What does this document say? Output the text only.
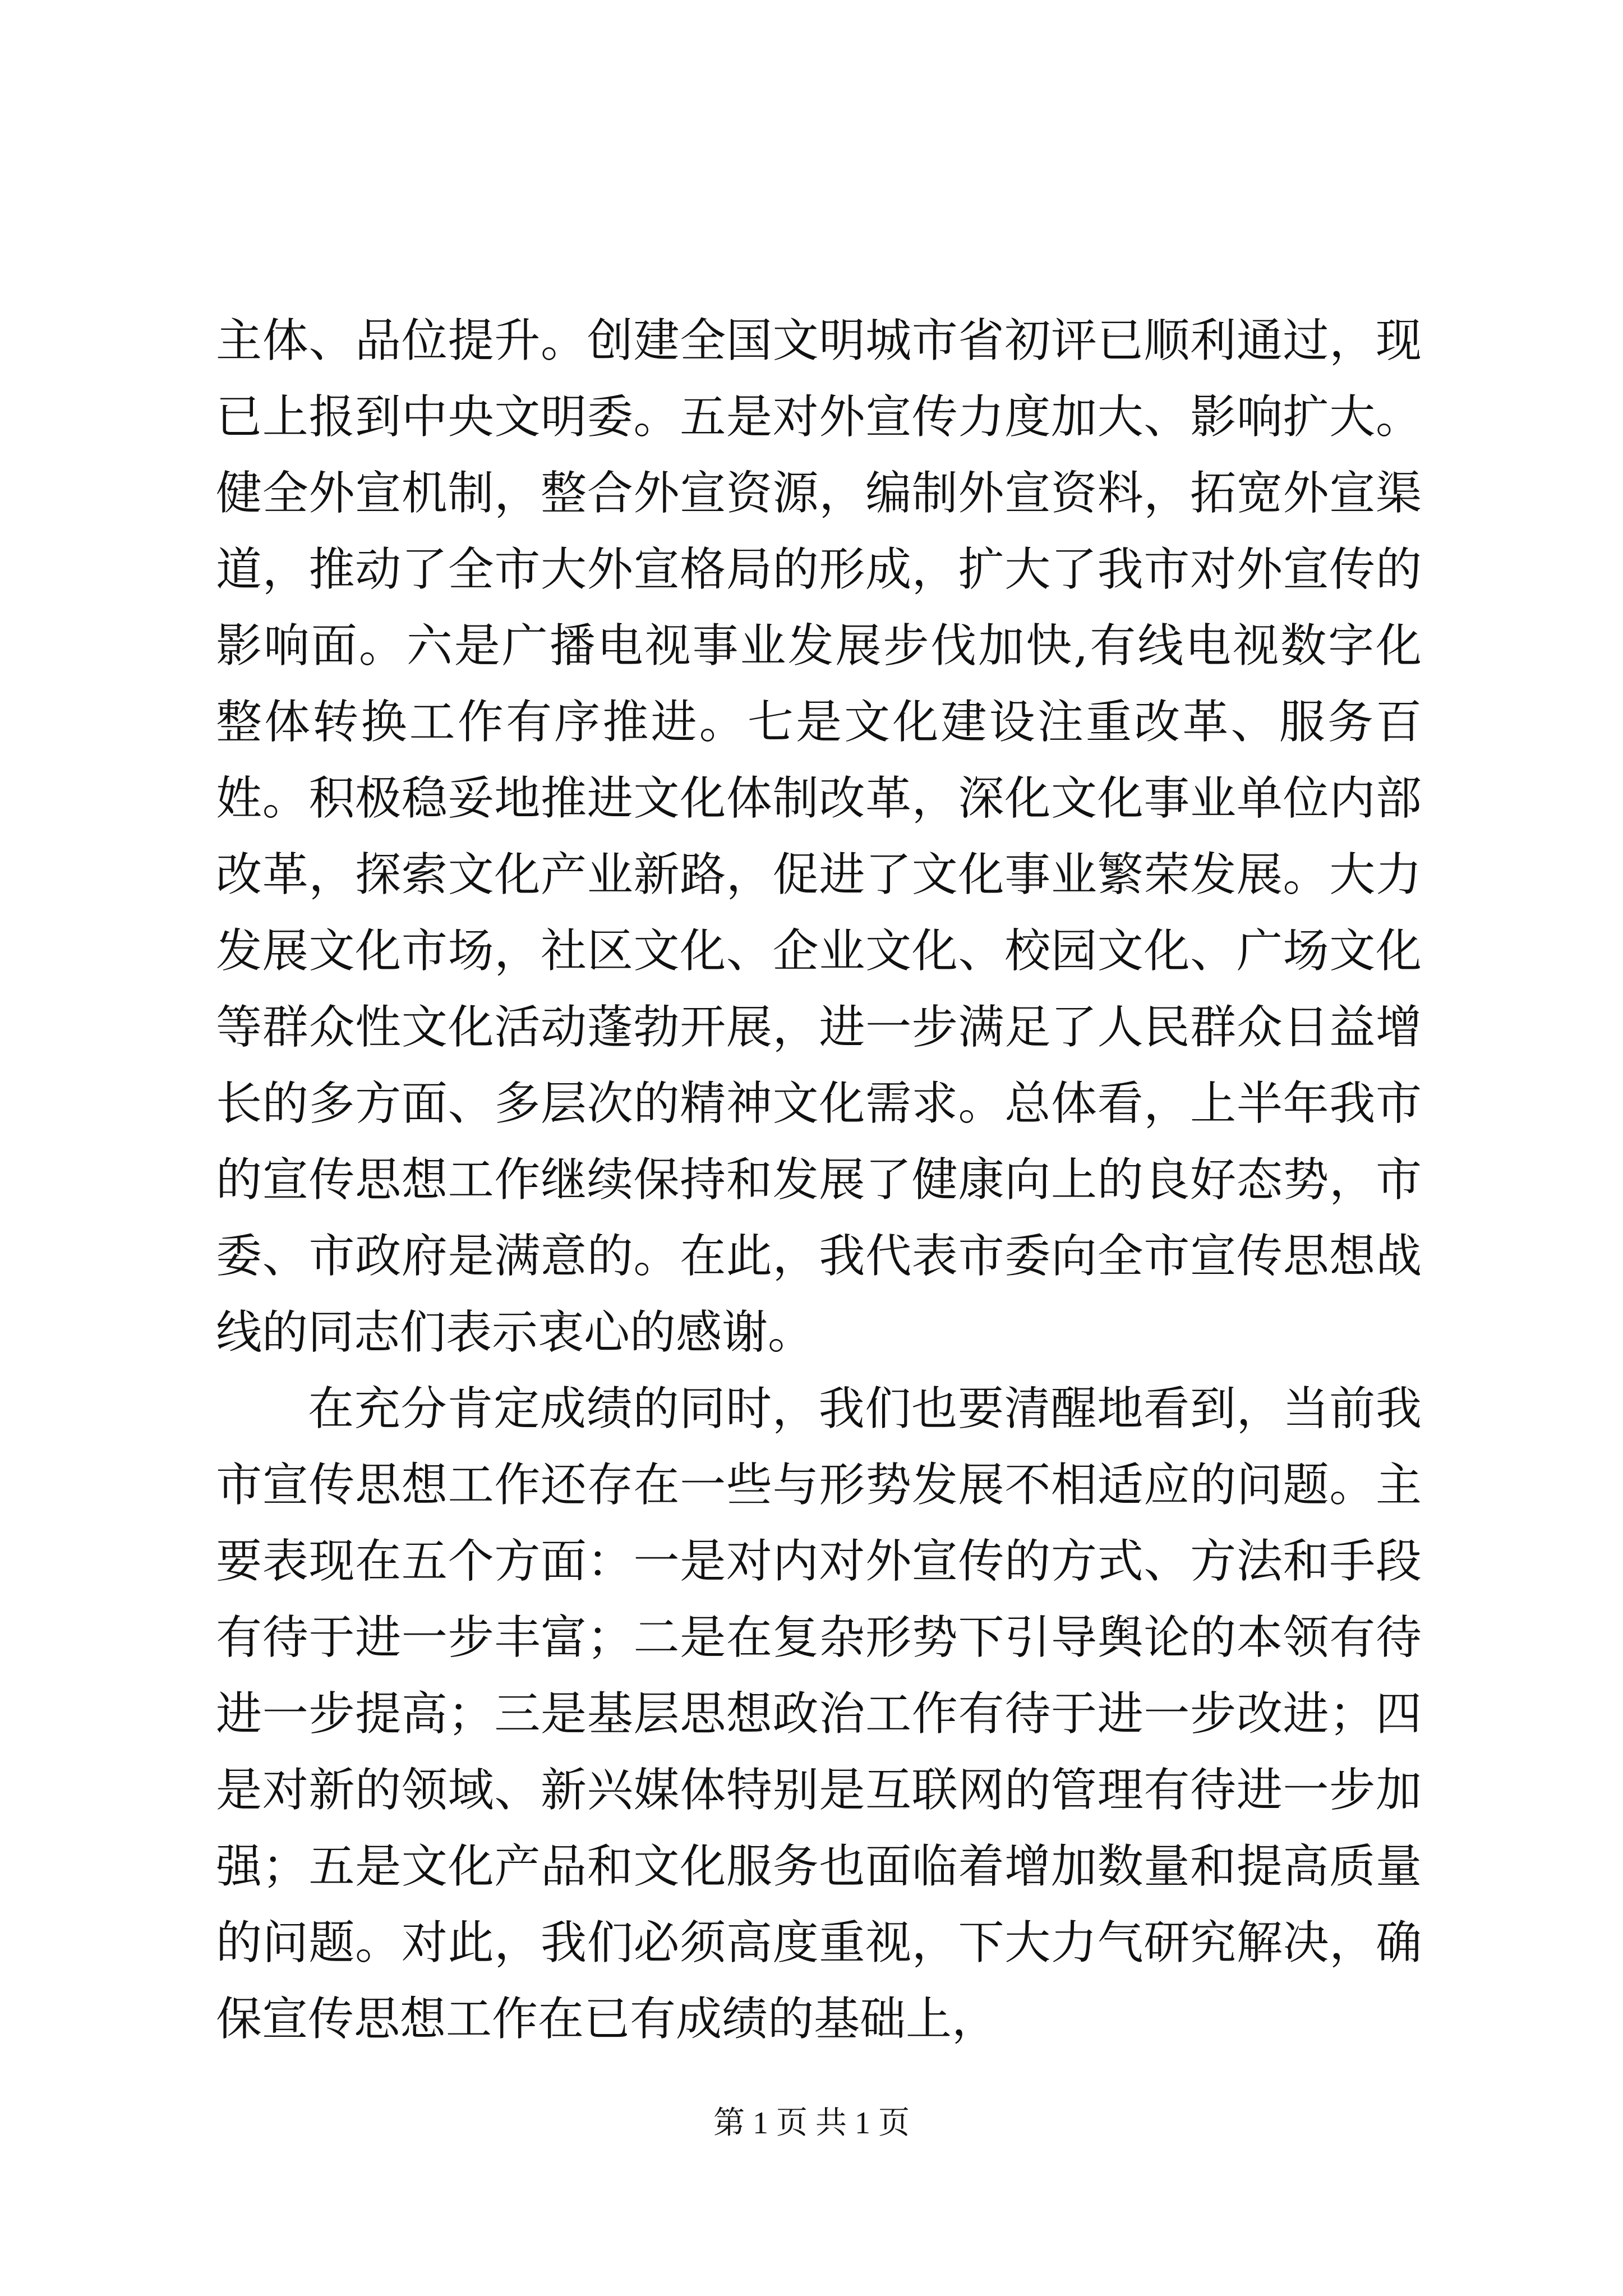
主体、品位提升。创建全国文明城市省初评已顺利通过，现已上报到中央文明委。五是对外宣传力度加大、影响扩大。健全外宣机制，整合外宣资源，编制外宣资料，拓宽外宣渠道，推动了全市大外宣格局的形成，扩大了我市对外宣传的影响面。六是广播电视事业发展步伐加快,有线电视数字化整体转换工作有序推进。七是文化建设注重改革、服务百姓。积极稳妥地推进文化体制改革，深化文化事业单位内部改革，探索文化产业新路，促进了文化事业繁荣发展。大力发展文化市场，社区文化、企业文化、校园文化、广场文化等群众性文化活动蓬勃开展，进一步满足了人民群众日益增长的多方面、多层次的精神文化需求。总体看，上半年我市的宣传思想工作继续保持和发展了健康向上的良好态势，市委、市政府是满意的。在此，我代表市委向全市宣传思想战线的同志们表示衷心的感谢。

在充分肯定成绩的同时，我们也要清醒地看到，当前我市宣传思想工作还存在一些与形势发展不相适应的问题。主要表现在五个方面：一是对内对外宣传的方式、方法和手段有待于进一步丰富；二是在复杂形势下引导舆论的本领有待进一步提高；三是基层思想政治工作有待于进一步改进；四是对新的领域、新兴媒体特别是互联网的管理有待进一步加强；五是文化产品和文化服务也面临着增加数量和提高质量的问题。对此，我们必须高度重视，下大力气研究解决，确保宣传思想工作在已有成绩的基础上，

第 1 页 共 1 页
